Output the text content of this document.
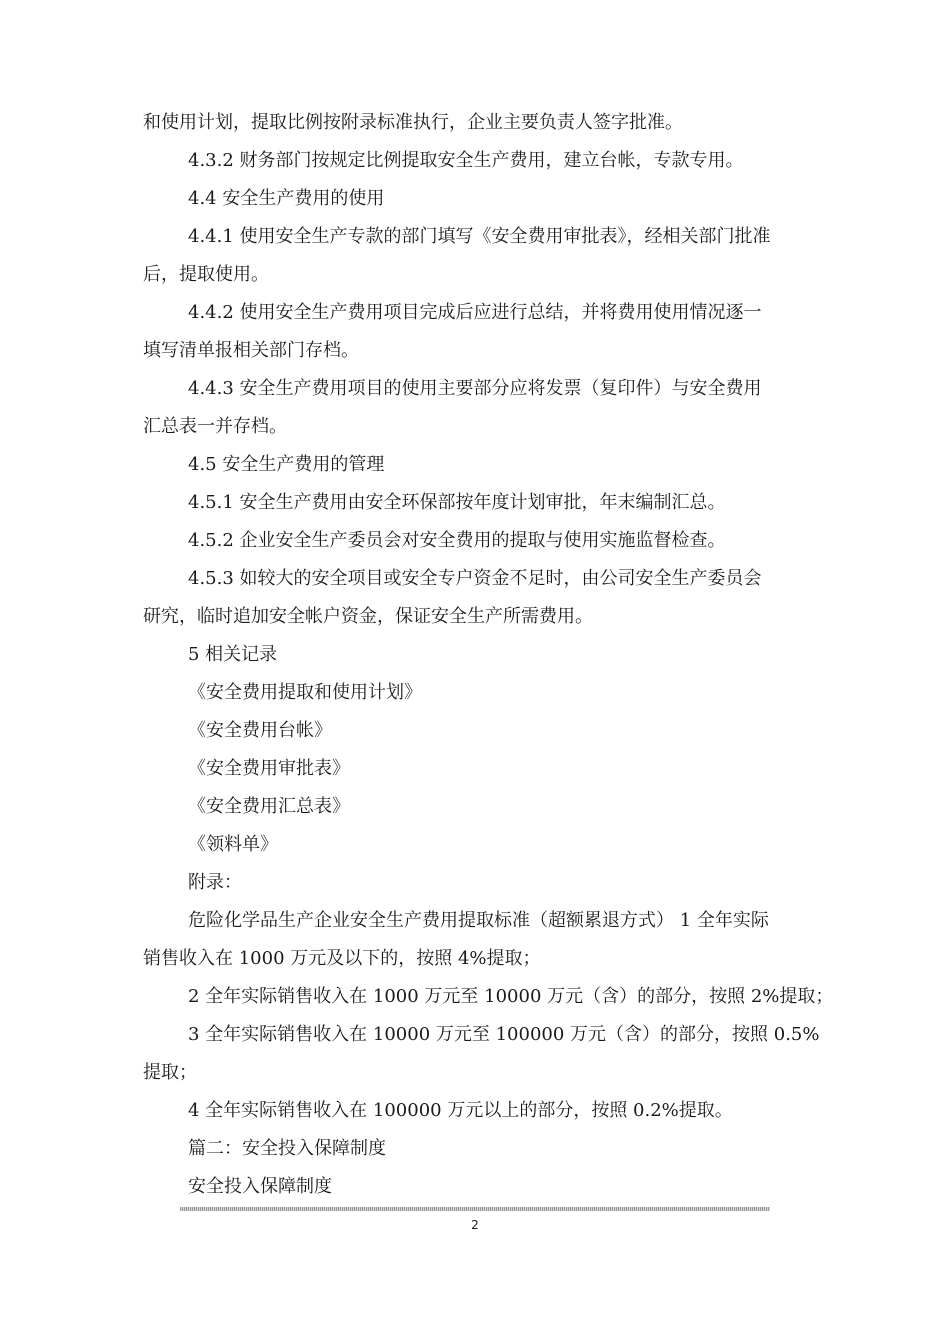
和使用计划，提取比例按附录标准执行，企业主要负责人签字批准。

4.3.2 财务部门按规定比例提取安全生产费用，建立台帐，专款专用。

4.4 安全生产费用的使用

4.4.1 使用安全生产专款的部门填写《安全费用审批表》，经相关部门批准

后，提取使用。

4.4.2 使用安全生产费用项目完成后应进行总结，并将费用使用情况逐一

填写清单报相关部门存档。

4.4.3 安全生产费用项目的使用主要部分应将发票（复印件）与安全费用

汇总表一并存档。

4.5 安全生产费用的管理

4.5.1 安全生产费用由安全环保部按年度计划审批，年末编制汇总。

4.5.2 企业安全生产委员会对安全费用的提取与使用实施监督检查。

4.5.3 如较大的安全项目或安全专户资金不足时，由公司安全生产委员会

研究，临时追加安全帐户资金，保证安全生产所需费用。

5 相关记录

《安全费用提取和使用计划》

《安全费用台帐》

《安全费用审批表》

《安全费用汇总表》

《领料单》

附录：

危险化学品生产企业安全生产费用提取标准（超额累退方式） 1 全年实际

销售收入在 1000 万元及以下的，按照 4%提取；

2 全年实际销售收入在 1000 万元至 10000 万元（含）的部分，按照 2%提取；

3 全年实际销售收入在 10000 万元至 100000 万元（含）的部分，按照 0.5%

提取；

4 全年实际销售收入在 100000 万元以上的部分，按照 0.2%提取。

篇二：安全投入保障制度

安全投入保障制度

2
